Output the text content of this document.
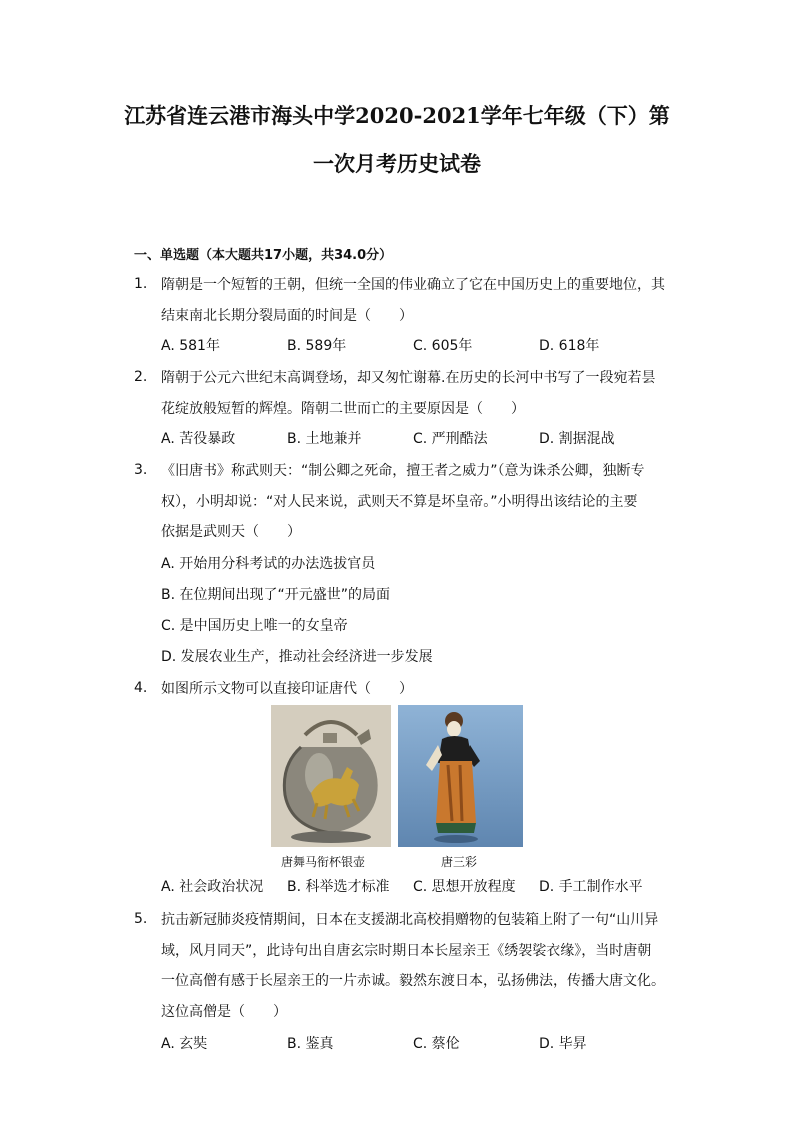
江苏省连云港市海头中学2020-2021学年七年级（下）第
一次月考历史试卷
一、单选题（本大题共17小题，共34.0分）
1. 隋朝是一个短暂的王朝，但统一全国的伟业确立了它在中国历史上的重要地位，其
结束南北长期分裂局面的时间是（　　）
A. 581年	B. 589年	C. 605年	D. 618年
2. 隋朝于公元六世纪末高调登场，却又匆忙谢幕.在历史的长河中书写了一段宛若昙
花绽放般短暂的辉煌。隋朝二世而亡的主要原因是（　　）
A. 苦役暴政	B. 土地兼并	C. 严刑酷法	D. 割据混战
3. 《旧唐书》称武则天：“制公卿之死命，擅王者之威力”（意为诛杀公卿，独断专
权），小明却说：“对人民来说，武则天不算是坏皇帝。”小明得出该结论的主要
依据是武则天（　　）
A. 开始用分科考试的办法选拔官员
B. 在位期间出现了“开元盛世”的局面
C. 是中国历史上唯一的女皇帝
D. 发展农业生产，推动社会经济进一步发展
4. 如图所示文物可以直接印证唐代（　　）
A. 社会政治状况 B. 科举选才标准 C. 思想开放程度 D. 手工制作水平
唐舞马衔杯银壶	唐三彩
5. 抗击新冠肺炎疫情期间，日本在支援湖北高校捐赠物的包装箱上附了一句“山川异
域，风月同天”，此诗句出自唐玄宗时期日本长屋亲王《绣袈裟衣缘》，当时唐朝
一位高僧有感于长屋亲王的一片赤诚。毅然东渡日本，弘扬佛法，传播大唐文化。
这位高僧是（　　）
A. 玄奘	B. 鉴真	C. 蔡伦	D. 毕昇
